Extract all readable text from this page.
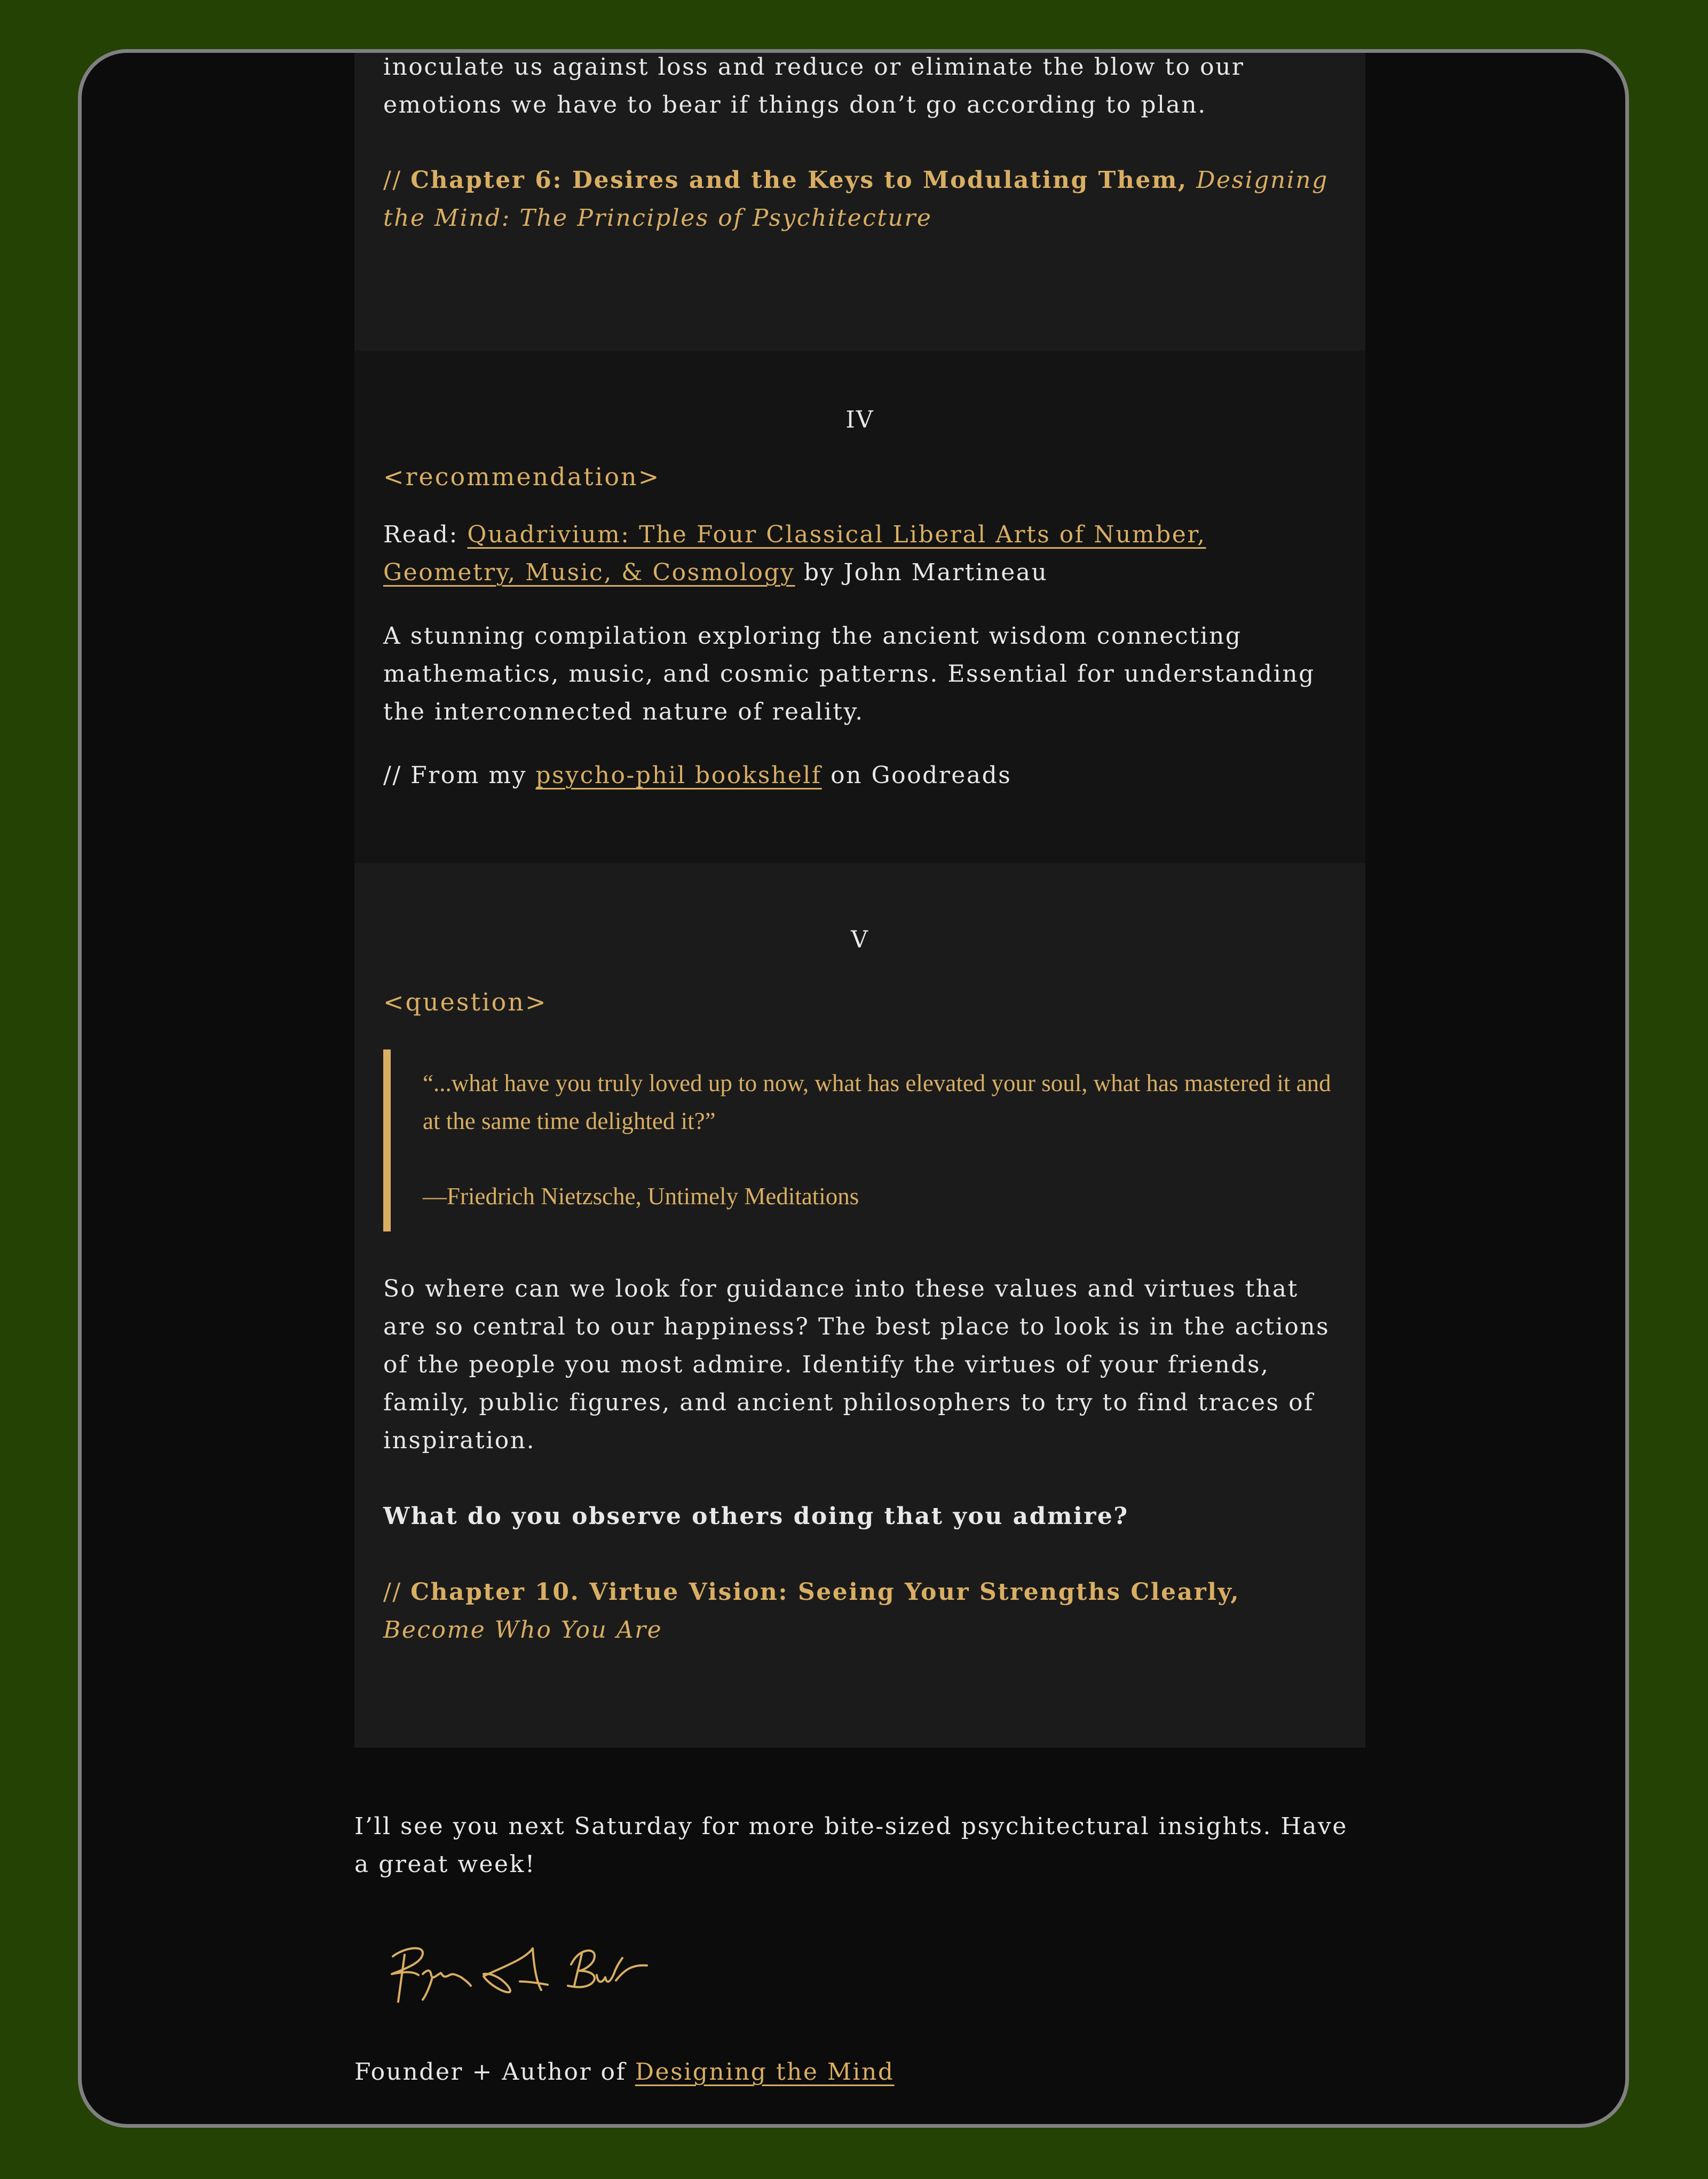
inoculate us against loss and reduce or eliminate the blow to our emotions we have to bear if things don’t go according to plan.

// Chapter 6: Desires and the Keys to Modulating Them, Designing the Mind: The Principles of Psychitecture

IV

<recommendation>

Read: Quadrivium: The Four Classical Liberal Arts of Number, Geometry, Music, & Cosmology by John Martineau

A stunning compilation exploring the ancient wisdom connecting mathematics, music, and cosmic patterns. Essential for understanding the interconnected nature of reality.

// From my psycho-phil bookshelf on Goodreads

V

<question>

“...what have you truly loved up to now, what has elevated your soul, what has mastered it and at the same time delighted it?”

—Friedrich Nietzsche, Untimely Meditations

So where can we look for guidance into these values and virtues that are so central to our happiness? The best place to look is in the actions of the people you most admire. Identify the virtues of your friends, family, public figures, and ancient philosophers to try to find traces of inspiration.

What do you observe others doing that you admire?

// Chapter 10. Virtue Vision: Seeing Your Strengths Clearly, Become Who You Are

I’ll see you next Saturday for more bite-sized psychitectural insights. Have a great week!

Founder + Author of Designing the Mind
